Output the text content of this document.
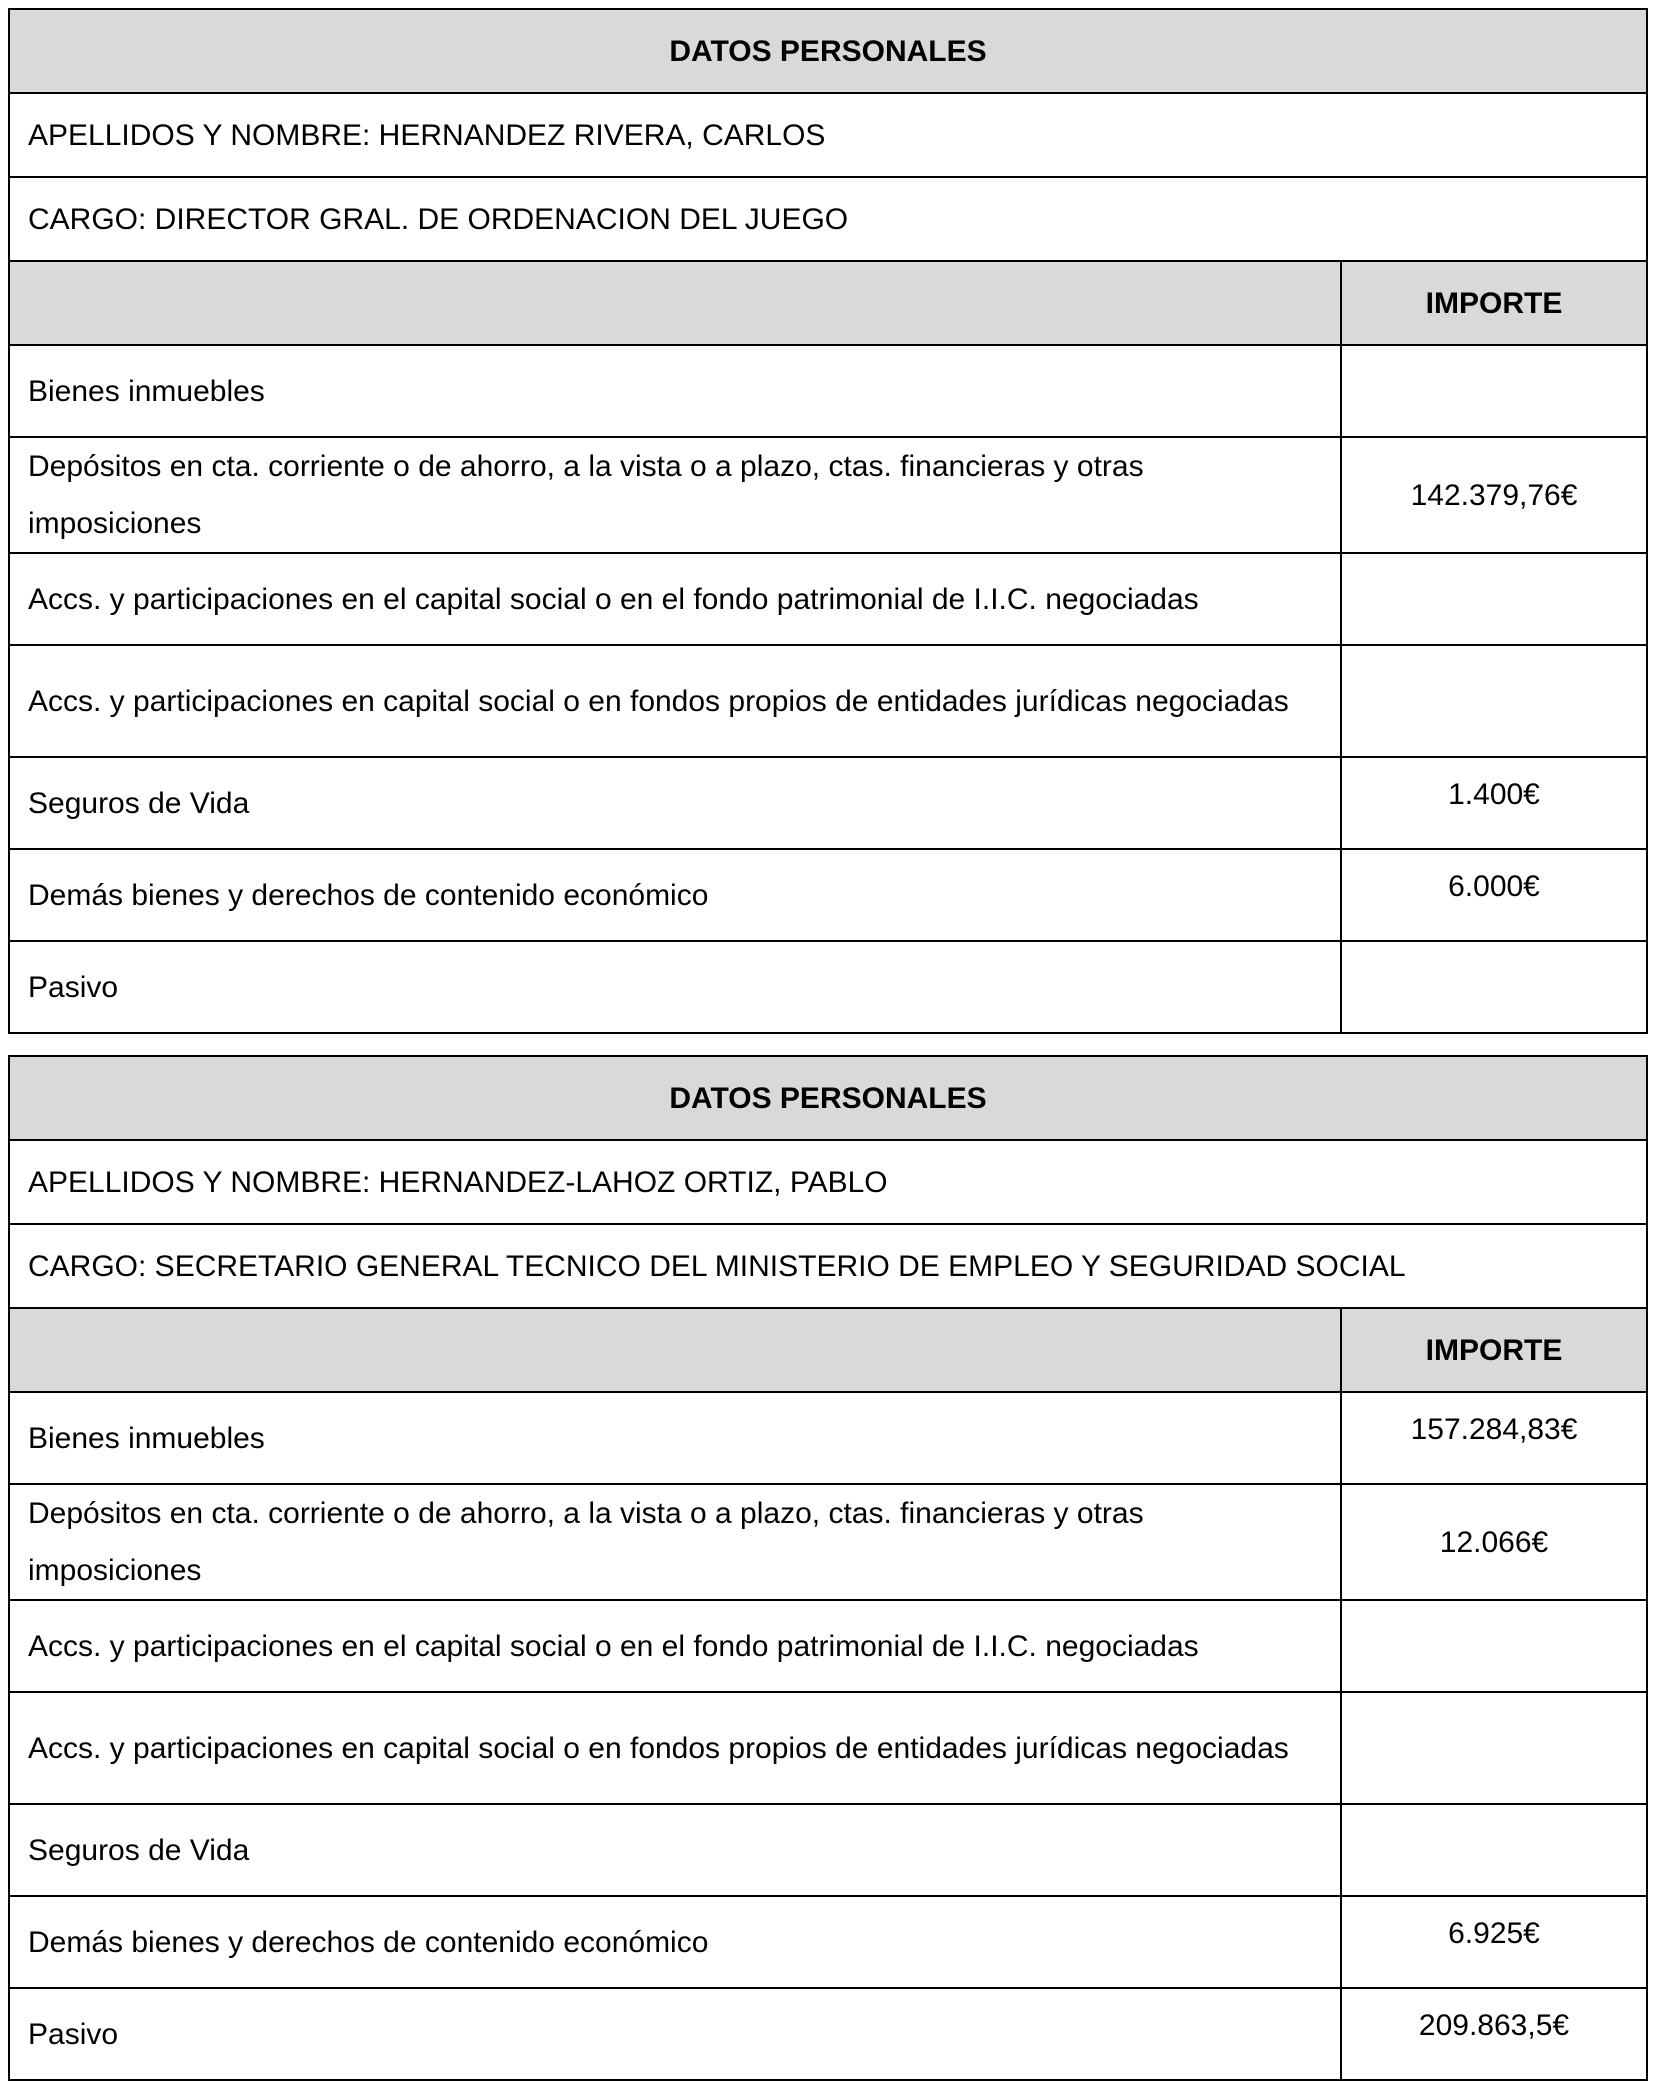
DATOS PERSONALES	
APELLIDOS Y NOMBRE: HERNANDEZ RIVERA, CARLOS	
CARGO: DIRECTOR GRAL. DE ORDENACION DEL JUEGO	
	IMPORTE
Bienes inmuebles	
Depósitos en cta. corriente o de ahorro, a la vista o a plazo, ctas. financieras y otras imposiciones	142.379,76€
Accs. y participaciones en el capital social o en el fondo patrimonial de I.I.C. negociadas	
Accs. y participaciones en capital social o en fondos propios de entidades jurídicas negociadas	
Seguros de Vida	1.400€
Demás bienes y derechos de contenido económico	6.000€
Pasivo	
DATOS PERSONALES	
APELLIDOS Y NOMBRE: HERNANDEZ-LAHOZ ORTIZ, PABLO	
CARGO: SECRETARIO GENERAL TECNICO DEL MINISTERIO DE EMPLEO Y SEGURIDAD SOCIAL	
	IMPORTE
Bienes inmuebles	157.284,83€
Depósitos en cta. corriente o de ahorro, a la vista o a plazo, ctas. financieras y otras imposiciones	12.066€
Accs. y participaciones en el capital social o en el fondo patrimonial de I.I.C. negociadas	
Accs. y participaciones en capital social o en fondos propios de entidades jurídicas negociadas	
Seguros de Vida	
Demás bienes y derechos de contenido económico	6.925€
Pasivo	209.863,5€
